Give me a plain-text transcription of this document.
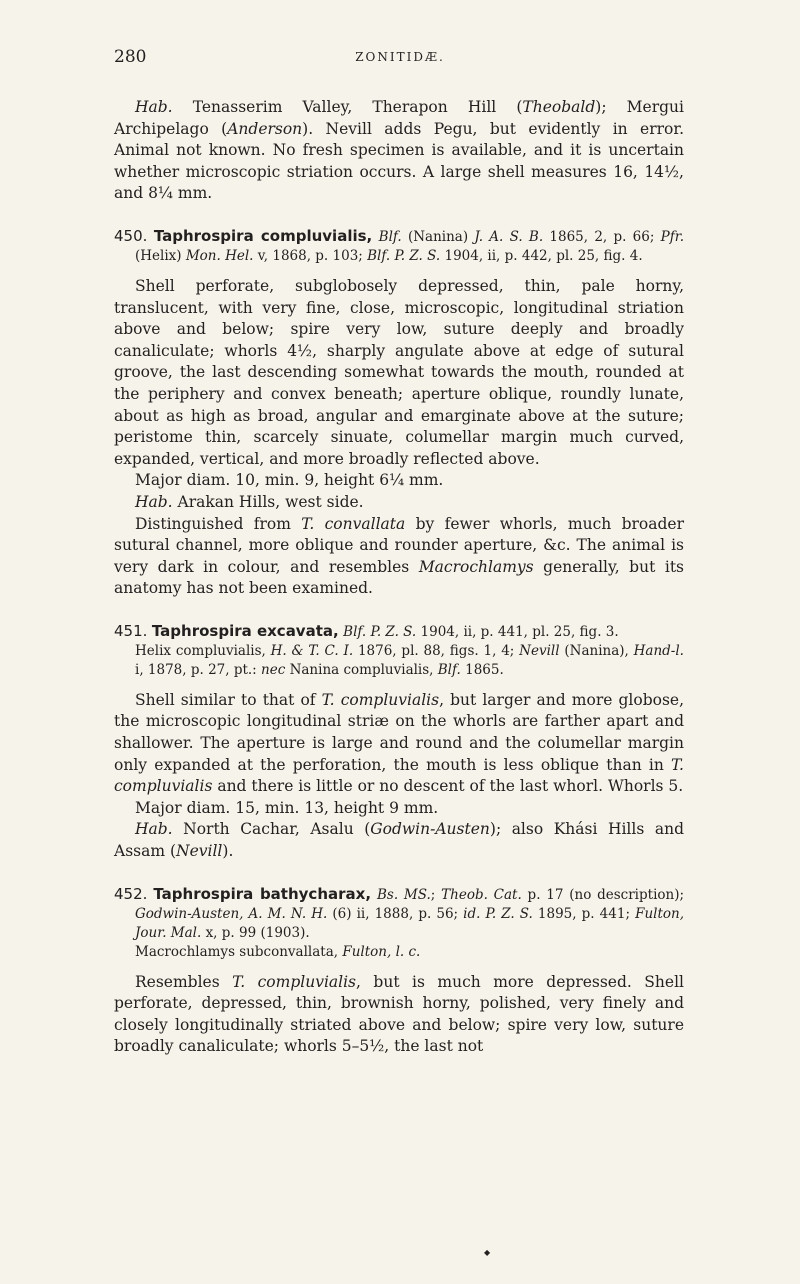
280	ZONITIDÆ.

Hab. Tenasserim Valley, Therapon Hill (Theobald); Mergui Archipelago (Anderson). Nevill adds Pegu, but evidently in error. Animal not known. No fresh specimen is available, and it is uncertain whether microscopic striation occurs. A large shell measures 16, 14½, and 8¼ mm.

450. Taphrospira compluvialis, Blf. (Nanina) J. A. S. B. 1865, 2, p. 66; Pfr. (Helix) Mon. Hel. v, 1868, p. 103; Blf. P. Z. S. 1904, ii, p. 442, pl. 25, fig. 4.

Shell perforate, subglobosely depressed, thin, pale horny, translucent, with very fine, close, microscopic, longitudinal striation above and below; spire very low, suture deeply and broadly canaliculate; whorls 4½, sharply angulate above at edge of sutural groove, the last descending somewhat towards the mouth, rounded at the periphery and convex beneath; aperture oblique, roundly lunate, about as high as broad, angular and emarginate above at the suture; peristome thin, scarcely sinuate, columellar margin much curved, expanded, vertical, and more broadly reflected above.

Major diam. 10, min. 9, height 6¼ mm.

Hab. Arakan Hills, west side.

Distinguished from T. convallata by fewer whorls, much broader sutural channel, more oblique and rounder aperture, &c. The animal is very dark in colour, and resembles Macrochlamys generally, but its anatomy has not been examined.

451. Taphrospira excavata, Blf. P. Z. S. 1904, ii, p. 441, pl. 25, fig. 3.
Helix compluvialis, H. & T. C. I. 1876, pl. 88, figs. 1, 4; Nevill (Nanina), Hand-l. i, 1878, p. 27, pt.: nec Nanina compluvialis, Blf. 1865.

Shell similar to that of T. compluvialis, but larger and more globose, the microscopic longitudinal striæ on the whorls are farther apart and shallower. The aperture is large and round and the columellar margin only expanded at the perforation, the mouth is less oblique than in T. compluvialis and there is little or no descent of the last whorl. Whorls 5.

Major diam. 15, min. 13, height 9 mm.

Hab. North Cachar, Asalu (Godwin-Austen); also Khási Hills and Assam (Nevill).

452. Taphrospira bathycharax, Bs. MS.; Theob. Cat. p. 17 (no description); Godwin-Austen, A. M. N. H. (6) ii, 1888, p. 56; id. P. Z. S. 1895, p. 441; Fulton, Jour. Mal. x, p. 99 (1903).
Macrochlamys subconvallata, Fulton, l. c.

Resembles T. compluvialis, but is much more depressed. Shell perforate, depressed, thin, brownish horny, polished, very finely and closely longitudinally striated above and below; spire very low, suture broadly canaliculate; whorls 5–5½, the last not

◆
